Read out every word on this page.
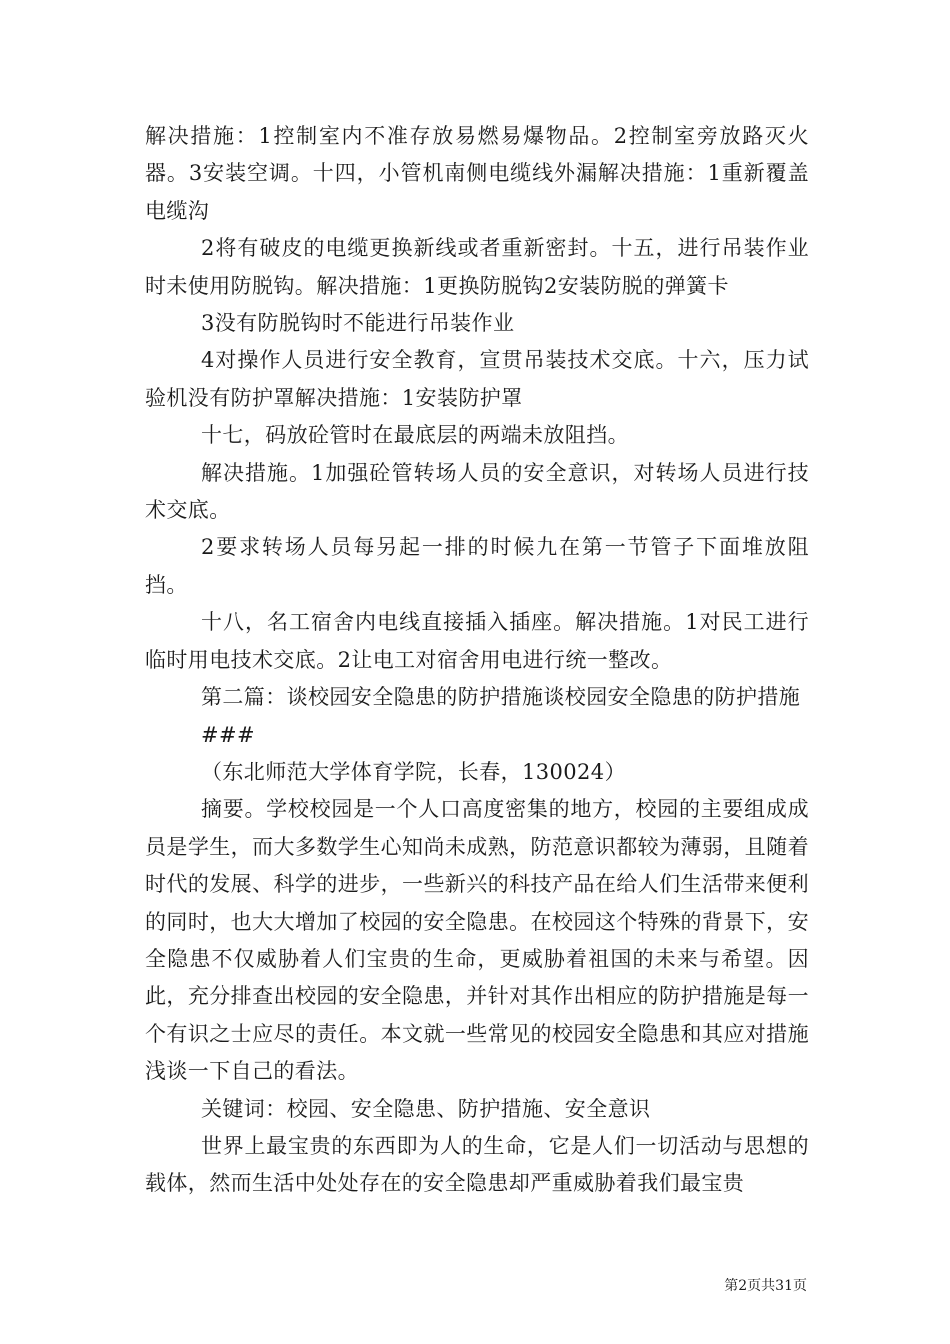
解决措施：1控制室内不准存放易燃易爆物品。2控制室旁放路灭火器。3安装空调。十四，小管机南侧电缆线外漏解决措施：1重新覆盖电缆沟

2将有破皮的电缆更换新线或者重新密封。十五，进行吊装作业时未使用防脱钩。解决措施：1更换防脱钩2安装防脱的弹簧卡

3没有防脱钩时不能进行吊装作业

4对操作人员进行安全教育，宣贯吊装技术交底。十六，压力试验机没有防护罩解决措施：1安装防护罩

十七，码放砼管时在最底层的两端未放阻挡。

解决措施。1加强砼管转场人员的安全意识，对转场人员进行技术交底。

2要求转场人员每另起一排的时候九在第一节管子下面堆放阻挡。

十八，名工宿舍内电线直接插入插座。解决措施。1对民工进行临时用电技术交底。2让电工对宿舍用电进行统一整改。

第二篇：谈校园安全隐患的防护措施谈校园安全隐患的防护措施

###

（东北师范大学体育学院，长春，130024）

摘要。学校校园是一个人口高度密集的地方，校园的主要组成成员是学生，而大多数学生心知尚未成熟，防范意识都较为薄弱，且随着时代的发展、科学的进步，一些新兴的科技产品在给人们生活带来便利的同时，也大大增加了校园的安全隐患。在校园这个特殊的背景下，安全隐患不仅威胁着人们宝贵的生命，更威胁着祖国的未来与希望。因此，充分排查出校园的安全隐患，并针对其作出相应的防护措施是每一个有识之士应尽的责任。本文就一些常见的校园安全隐患和其应对措施浅谈一下自己的看法。

关键词：校园、安全隐患、防护措施、安全意识

世界上最宝贵的东西即为人的生命，它是人们一切活动与思想的载体，然而生活中处处存在的安全隐患却严重威胁着我们最宝贵

第2页共31页
